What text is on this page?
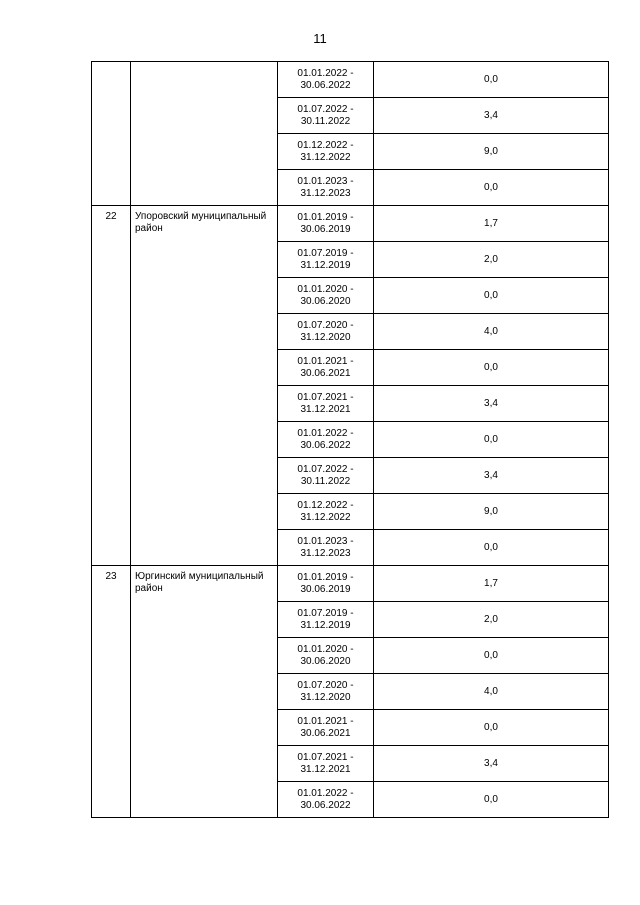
11

		01.01.2022 -
30.06.2022	0,0

		01.07.2022 -
30.11.2022	3,4

		01.12.2022 -
31.12.2022	9,0

		01.01.2023 -
31.12.2023	0,0
22	Упоровский муниципальный район	01.01.2019 -
30.06.2019	1,7

		01.07.2019 -
31.12.2019	2,0

		01.01.2020 -
30.06.2020	0,0

		01.07.2020 -
31.12.2020	4,0

		01.01.2021 -
30.06.2021	0,0

		01.07.2021 -
31.12.2021	3,4

		01.01.2022 -
30.06.2022	0,0

		01.07.2022 -
30.11.2022	3,4

		01.12.2022 -
31.12.2022	9,0

		01.01.2023 -
31.12.2023	0,0
23	Юргинский муниципальный район	01.01.2019 -
30.06.2019	1,7

		01.07.2019 -
31.12.2019	2,0

		01.01.2020 -
30.06.2020	0,0

		01.07.2020 -
31.12.2020	4,0

		01.01.2021 -
30.06.2021	0,0

		01.07.2021 -
31.12.2021	3,4

		01.01.2022 -
30.06.2022	0,0
